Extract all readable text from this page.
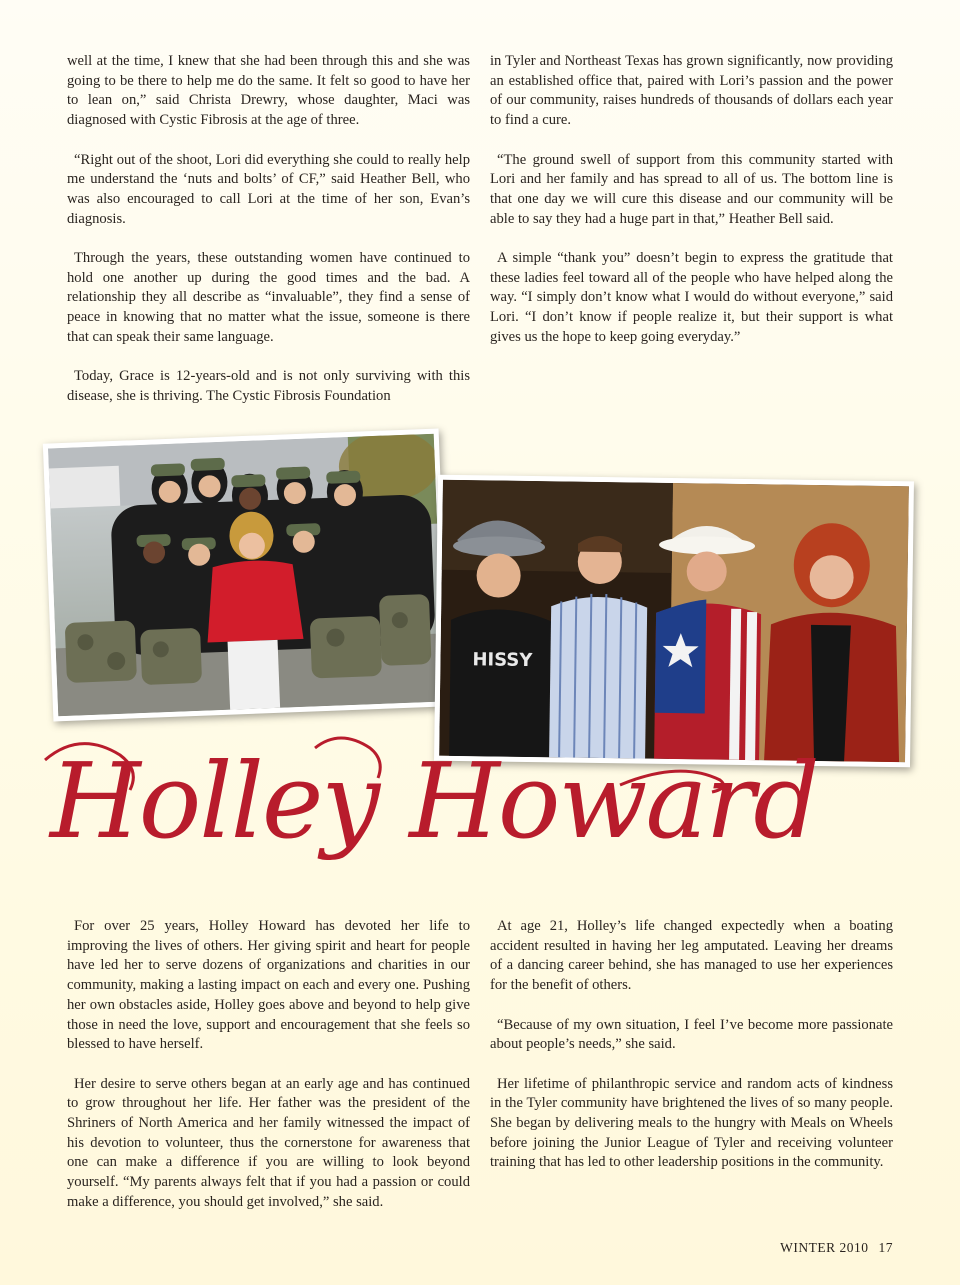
well at the time, I knew that she had been through this and she was going to be there to help me do the same. It felt so good to have her to lean on,” said Christa Drewry, whose daughter, Maci was diagnosed with Cystic Fibrosis at the age of three.

“Right out of the shoot, Lori did everything she could to really help me understand the ‘nuts and bolts’ of CF,” said Heather Bell, who was also encouraged to call Lori at the time of her son, Evan’s diagnosis.

Through the years, these outstanding women have continued to hold one another up during the good times and the bad. A relationship they all describe as “invaluable”, they find a sense of peace in knowing that no matter what the issue, someone is there that can speak their same language.

Today, Grace is 12-years-old and is not only surviving with this disease, she is thriving. The Cystic Fibrosis Foundation

in Tyler and Northeast Texas has grown significantly, now providing an established office that, paired with Lori’s passion and the power of our community, raises hundreds of thousands of dollars each year to find a cure.

“The ground swell of support from this community started with Lori and her family and has spread to all of us. The bottom line is that one day we will cure this disease and our community will be able to say they had a huge part in that,” Heather Bell said.

A simple “thank you” doesn’t begin to express the gratitude that these ladies feel toward all of the people who have helped along the way. “I simply don’t know what I would do without everyone,” said Lori. “I don’t know if people realize it, but their support is what gives us the hope to keep going everyday.”

HISSY
Holley Howard

For over 25 years, Holley Howard has devoted her life to improving the lives of others. Her giving spirit and heart for people have led her to serve dozens of organizations and charities in our community, making a lasting impact on each and every one. Pushing her own obstacles aside, Holley goes above and beyond to help give those in need the love, support and encouragement that she feels so blessed to have herself.

Her desire to serve others began at an early age and has continued to grow throughout her life. Her father was the president of the Shriners of North America and her family witnessed the impact of his devotion to volunteer, thus the cornerstone for awareness that one can make a difference if you are willing to look beyond yourself. “My parents always felt that if you had a passion or could make a difference, you should get involved,” she said.

At age 21, Holley’s life changed expectedly when a boating accident resulted in having her leg amputated. Leaving her dreams of a dancing career behind, she has managed to use her experiences for the benefit of others.

“Because of my own situation, I feel I’ve become more passionate about people’s needs,” she said.

Her lifetime of philanthropic service and random acts of kindness in the Tyler community have brightened the lives of so many people. She began by delivering meals to the hungry with Meals on Wheels before joining the Junior League of Tyler and receiving volunteer training that has led to other leadership positions in the community.

WINTER 2010 17
